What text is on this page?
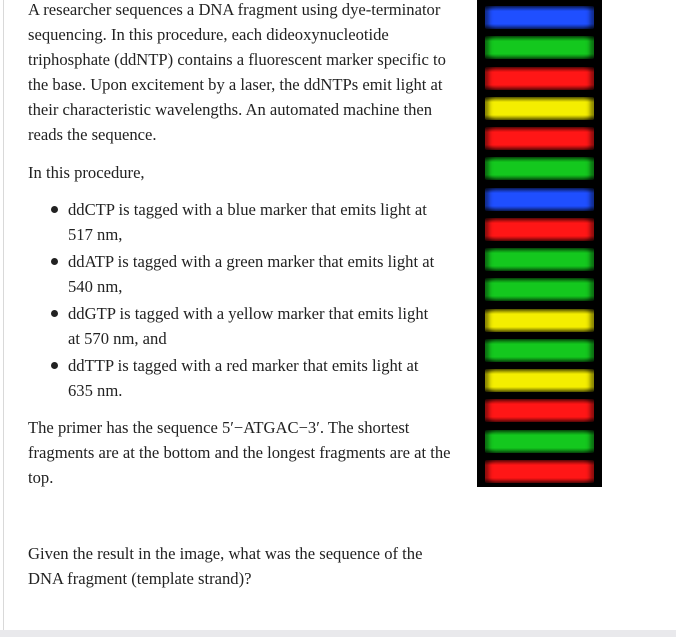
A researcher sequences a DNA fragment using dye-terminator sequencing. In this procedure, each dideoxynucleotide triphosphate (ddNTP) contains a fluorescent marker specific to the base. Upon excitement by a laser, the ddNTPs emit light at their characteristic wavelengths. An automated machine then reads the sequence.

In this procedure,

ddCTP is tagged with a blue marker that emits light at 517 nm,
ddATP is tagged with a green marker that emits light at 540 nm,
ddGTP is tagged with a yellow marker that emits light at 570 nm, and
ddTTP is tagged with a red marker that emits light at 635 nm.

The primer has the sequence 5′−ATGAC−3′. The shortest fragments are at the bottom and the longest fragments are at the top.

Given the result in the image, what was the sequence of the DNA fragment (template strand)?
